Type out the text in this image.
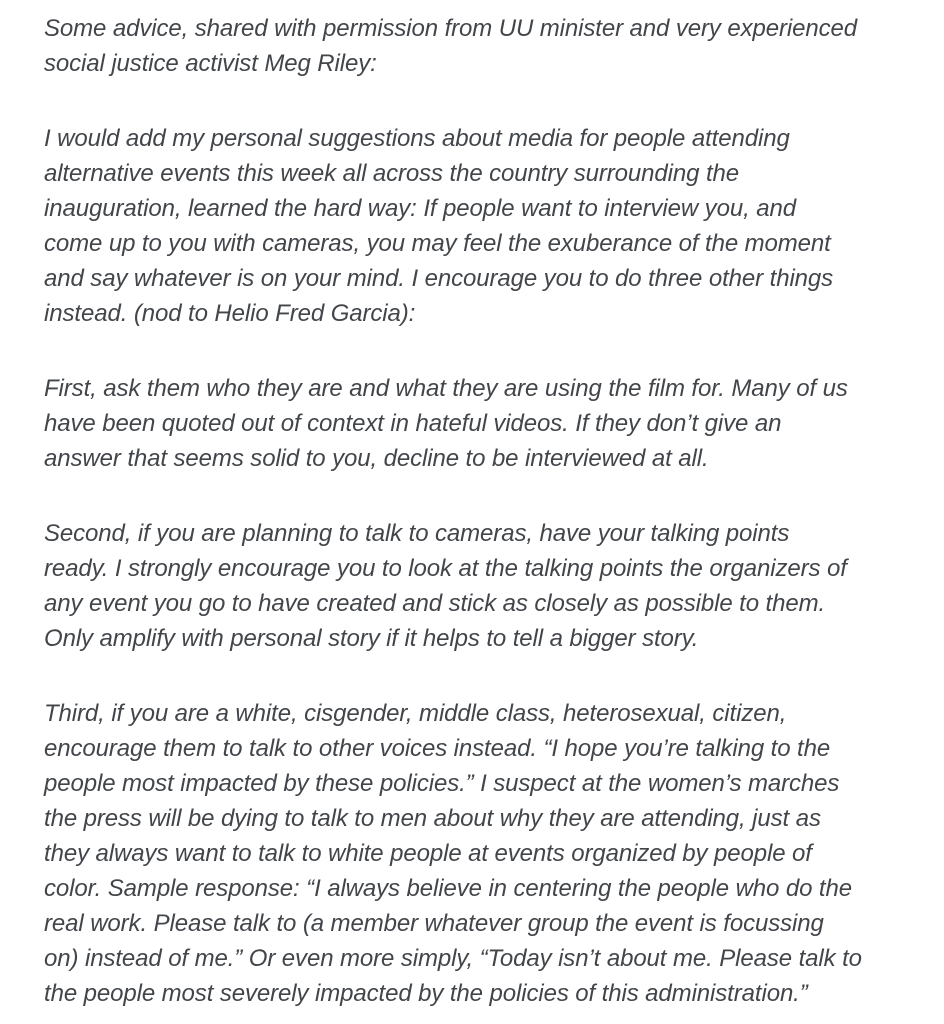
Some advice, shared with permission from UU minister and very experienced
social justice activist Meg Riley:
I would add my personal suggestions about media for people attending
alternative events this week all across the country surrounding the
inauguration, learned the hard way: If people want to interview you, and
come up to you with cameras, you may feel the exuberance of the moment
and say whatever is on your mind. I encourage you to do three other things
instead. (nod to Helio Fred Garcia):
First, ask them who they are and what they are using the film for. Many of us
have been quoted out of context in hateful videos. If they don’t give an
answer that seems solid to you, decline to be interviewed at all.
Second, if you are planning to talk to cameras, have your talking points
ready. I strongly encourage you to look at the talking points the organizers of
any event you go to have created and stick as closely as possible to them.
Only amplify with personal story if it helps to tell a bigger story.
Third, if you are a white, cisgender, middle class, heterosexual, citizen,
encourage them to talk to other voices instead. “I hope you’re talking to the
people most impacted by these policies.” I suspect at the women’s marches
the press will be dying to talk to men about why they are attending, just as
they always want to talk to white people at events organized by people of
color. Sample response: “I always believe in centering the people who do the
real work. Please talk to (a member whatever group the event is focussing
on) instead of me.” Or even more simply, “Today isn’t about me. Please talk to
the people most severely impacted by the policies of this administration.”
